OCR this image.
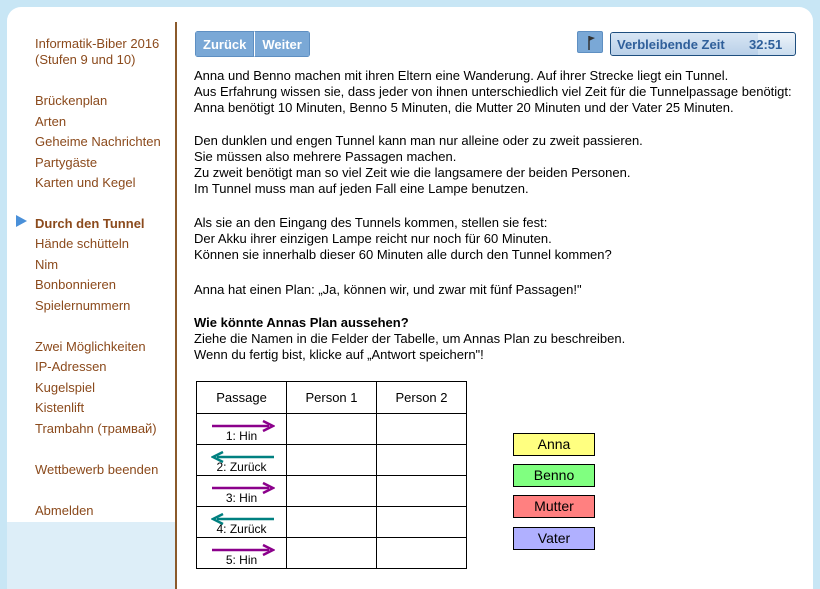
Informatik-Biber 2016
(Stufen 9 und 10)
Brückenplan
Arten
Geheime Nachrichten
Partygäste
Karten und Kegel
Durch den Tunnel
Hände schütteln
Nim
Bonbonnieren
Spielernummern
Zwei Möglichkeiten
IP-Adressen
Kugelspiel
Kistenlift
Trambahn (трамвай)
Wettbewerb beenden
Abmelden
Zurück	Weiter	Verbleibende Zeit 32:51
Anna und Benno machen mit ihren Eltern eine Wanderung. Auf ihrer Strecke liegt ein Tunnel.
Aus Erfahrung wissen sie, dass jeder von ihnen unterschiedlich viel Zeit für die Tunnelpassage benötigt:
Anna benötigt 10 Minuten, Benno 5 Minuten, die Mutter 20 Minuten und der Vater 25 Minuten.
Den dunklen und engen Tunnel kann man nur alleine oder zu zweit passieren.
Sie müssen also mehrere Passagen machen.
Zu zweit benötigt man so viel Zeit wie die langsamere der beiden Personen.
Im Tunnel muss man auf jeden Fall eine Lampe benutzen.
Als sie an den Eingang des Tunnels kommen, stellen sie fest:
Der Akku ihrer einzigen Lampe reicht nur noch für 60 Minuten.
Können sie innerhalb dieser 60 Minuten alle durch den Tunnel kommen?
Anna hat einen Plan: „Ja, können wir, und zwar mit fünf Passagen!"
Wie könnte Annas Plan aussehen?
Ziehe die Namen in die Felder der Tabelle, um Annas Plan zu beschreiben.
Wenn du fertig bist, klicke auf „Antwort speichern"!
Passage	Person 1	Person 2

1: Hin		

2: Zurück		

3: Hin		

4: Zurück		

5: Hin		

Anna
Benno
Mutter
Vater
